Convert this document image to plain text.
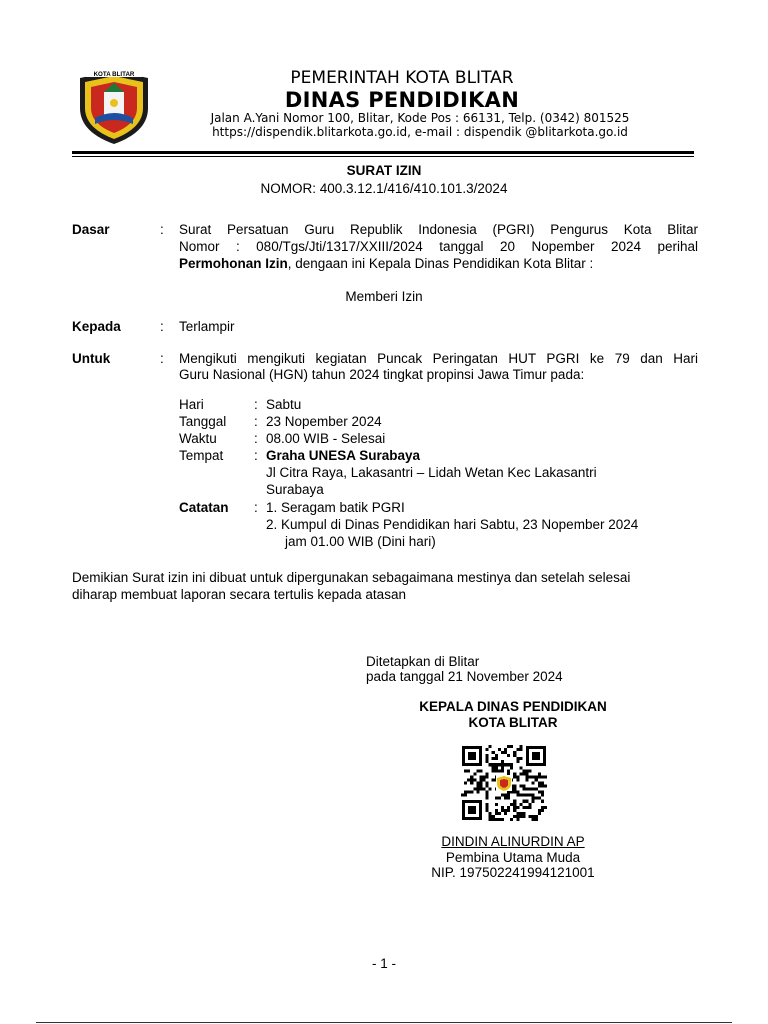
KOTA BLITAR	PEMERINTAH KOTA BLITAR
DINAS PENDIDIKAN
Jalan A.Yani Nomor 100, Blitar, Kode Pos : 66131, Telp. (0342) 801525
https://dispendik.blitarkota.go.id, e-mail : dispendik @blitarkota.go.id
SURAT IZIN
NOMOR: 400.3.12.1/416/410.101.3/2024
Dasar	: Surat Persatuan Guru Republik Indonesia (PGRI) Pengurus Kota Blitar
Nomor : 080/Tgs/Jti/1317/XXIII/2024 tanggal 20 Nopember 2024 perihal
Permohonan Izin, dengaan ini Kepala Dinas Pendidikan Kota Blitar :
Memberi Izin
Kepada	: Terlampir
Untuk	: Mengikuti mengikuti kegiatan Puncak Peringatan HUT PGRI ke 79 dan Hari
Guru Nasional (HGN) tahun 2024 tingkat propinsi Jawa Timur pada:
Hari	: Sabtu
Tanggal : 23 Nopember 2024
Waktu	: 08.00 WIB - Selesai
Tempat : Graha UNESA Surabaya
Jl Citra Raya, Lakasantri – Lidah Wetan Kec Lakasantri
Surabaya
Catatan : 1. Seragam batik PGRI
2. Kumpul di Dinas Pendidikan hari Sabtu, 23 Nopember 2024
jam 01.00 WIB (Dini hari)
Demikian Surat izin ini dibuat untuk dipergunakan sebagaimana mestinya dan setelah selesai
diharap membuat laporan secara tertulis kepada atasan
Ditetapkan di Blitar
pada tanggal 21 November 2024
KEPALA DINAS PENDIDIKAN
KOTA BLITAR
DINDIN ALINURDIN AP
Pembina Utama Muda
NIP. 197502241994121001
- 1 -
